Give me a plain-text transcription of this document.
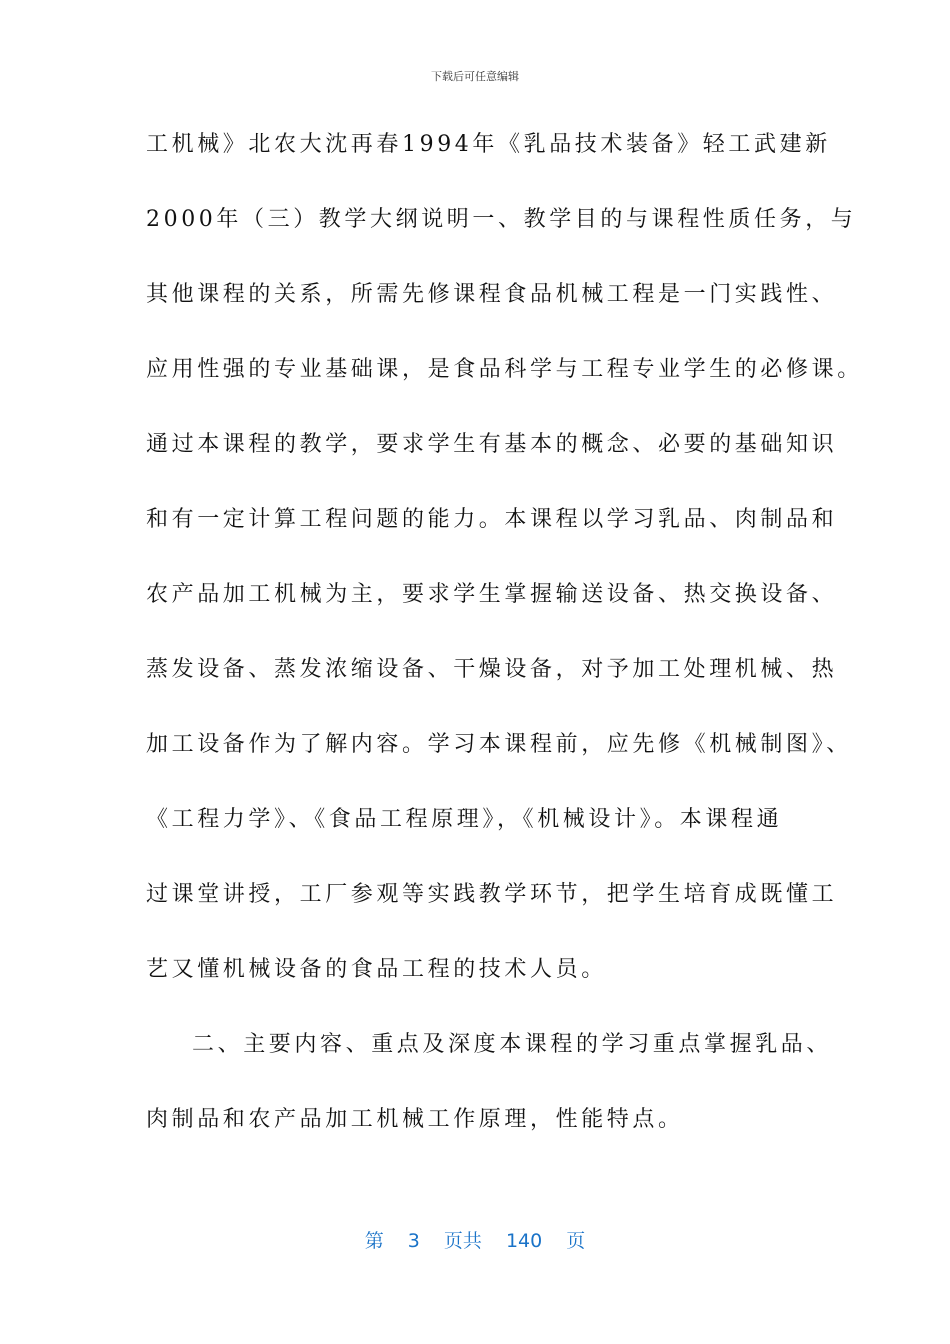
下载后可任意编辑
工机械》北农大沈再春1994年《乳品技术装备》轻工武建新
2000年（三）教学大纲说明一、教学目的与课程性质任务，与
其他课程的关系，所需先修课程食品机械工程是一门实践性、
应用性强的专业基础课，是食品科学与工程专业学生的必修课。
通过本课程的教学，要求学生有基本的概念、必要的基础知识
和有一定计算工程问题的能力。本课程以学习乳品、肉制品和
农产品加工机械为主，要求学生掌握输送设备、热交换设备、
蒸发设备、蒸发浓缩设备、干燥设备，对予加工处理机械、热
加工设备作为了解内容。学习本课程前，应先修《机械制图》、
《工程力学》、《食品工程原理》，《机械设计》。本课程通
过课堂讲授，工厂参观等实践教学环节，把学生培育成既懂工
艺又懂机械设备的食品工程的技术人员。
二、主要内容、重点及深度本课程的学习重点掌握乳品、
肉制品和农产品加工机械工作原理，性能特点。
第 3 页共 140 页
